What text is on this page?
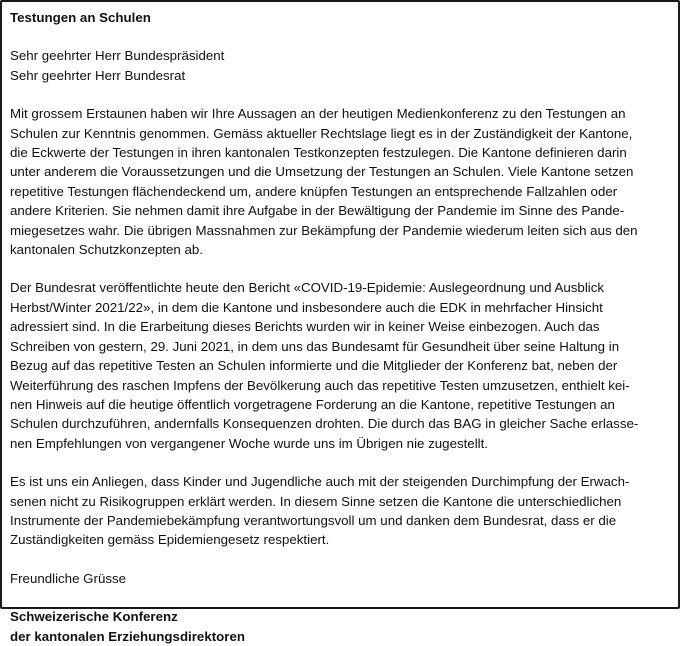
Testungen an Schulen
Sehr geehrter Herr Bundespräsident
Sehr geehrter Herr Bundesrat
Mit grossem Erstaunen haben wir Ihre Aussagen an der heutigen Medienkonferenz zu den Testungen an
Schulen zur Kenntnis genommen. Gemäss aktueller Rechtslage liegt es in der Zuständigkeit der Kantone,
die Eckwerte der Testungen in ihren kantonalen Testkonzepten festzulegen. Die Kantone definieren darin
unter anderem die Voraussetzungen und die Umsetzung der Testungen an Schulen. Viele Kantone setzen
repetitive Testungen flächendeckend um, andere knüpfen Testungen an entsprechende Fallzahlen oder
andere Kriterien. Sie nehmen damit ihre Aufgabe in der Bewältigung der Pandemie im Sinne des Pande-
miegesetzes wahr. Die übrigen Massnahmen zur Bekämpfung der Pandemie wiederum leiten sich aus den
kantonalen Schutzkonzepten ab.
Der Bundesrat veröffentlichte heute den Bericht «COVID-19-Epidemie: Auslegeordnung und Ausblick
Herbst/Winter 2021/22», in dem die Kantone und insbesondere auch die EDK in mehrfacher Hinsicht
adressiert sind. In die Erarbeitung dieses Berichts wurden wir in keiner Weise einbezogen. Auch das
Schreiben von gestern, 29. Juni 2021, in dem uns das Bundesamt für Gesundheit über seine Haltung in
Bezug auf das repetitive Testen an Schulen informierte und die Mitglieder der Konferenz bat, neben der
Weiterführung des raschen Impfens der Bevölkerung auch das repetitive Testen umzusetzen, enthielt kei-
nen Hinweis auf die heutige öffentlich vorgetragene Forderung an die Kantone, repetitive Testungen an
Schulen durchzuführen, andernfalls Konsequenzen drohten. Die durch das BAG in gleicher Sache erlasse-
nen Empfehlungen von vergangener Woche wurde uns im Übrigen nie zugestellt.
Es ist uns ein Anliegen, dass Kinder und Jugendliche auch mit der steigenden Durchimpfung der Erwach-
senen nicht zu Risikogruppen erklärt werden. In diesem Sinne setzen die Kantone die unterschiedlichen
Instrumente der Pandemiebekämpfung verantwortungsvoll um und danken dem Bundesrat, dass er die
Zuständigkeiten gemäss Epidemiengesetz respektiert.
Freundliche Grüsse
Schweizerische Konferenz
der kantonalen Erziehungsdirektoren
